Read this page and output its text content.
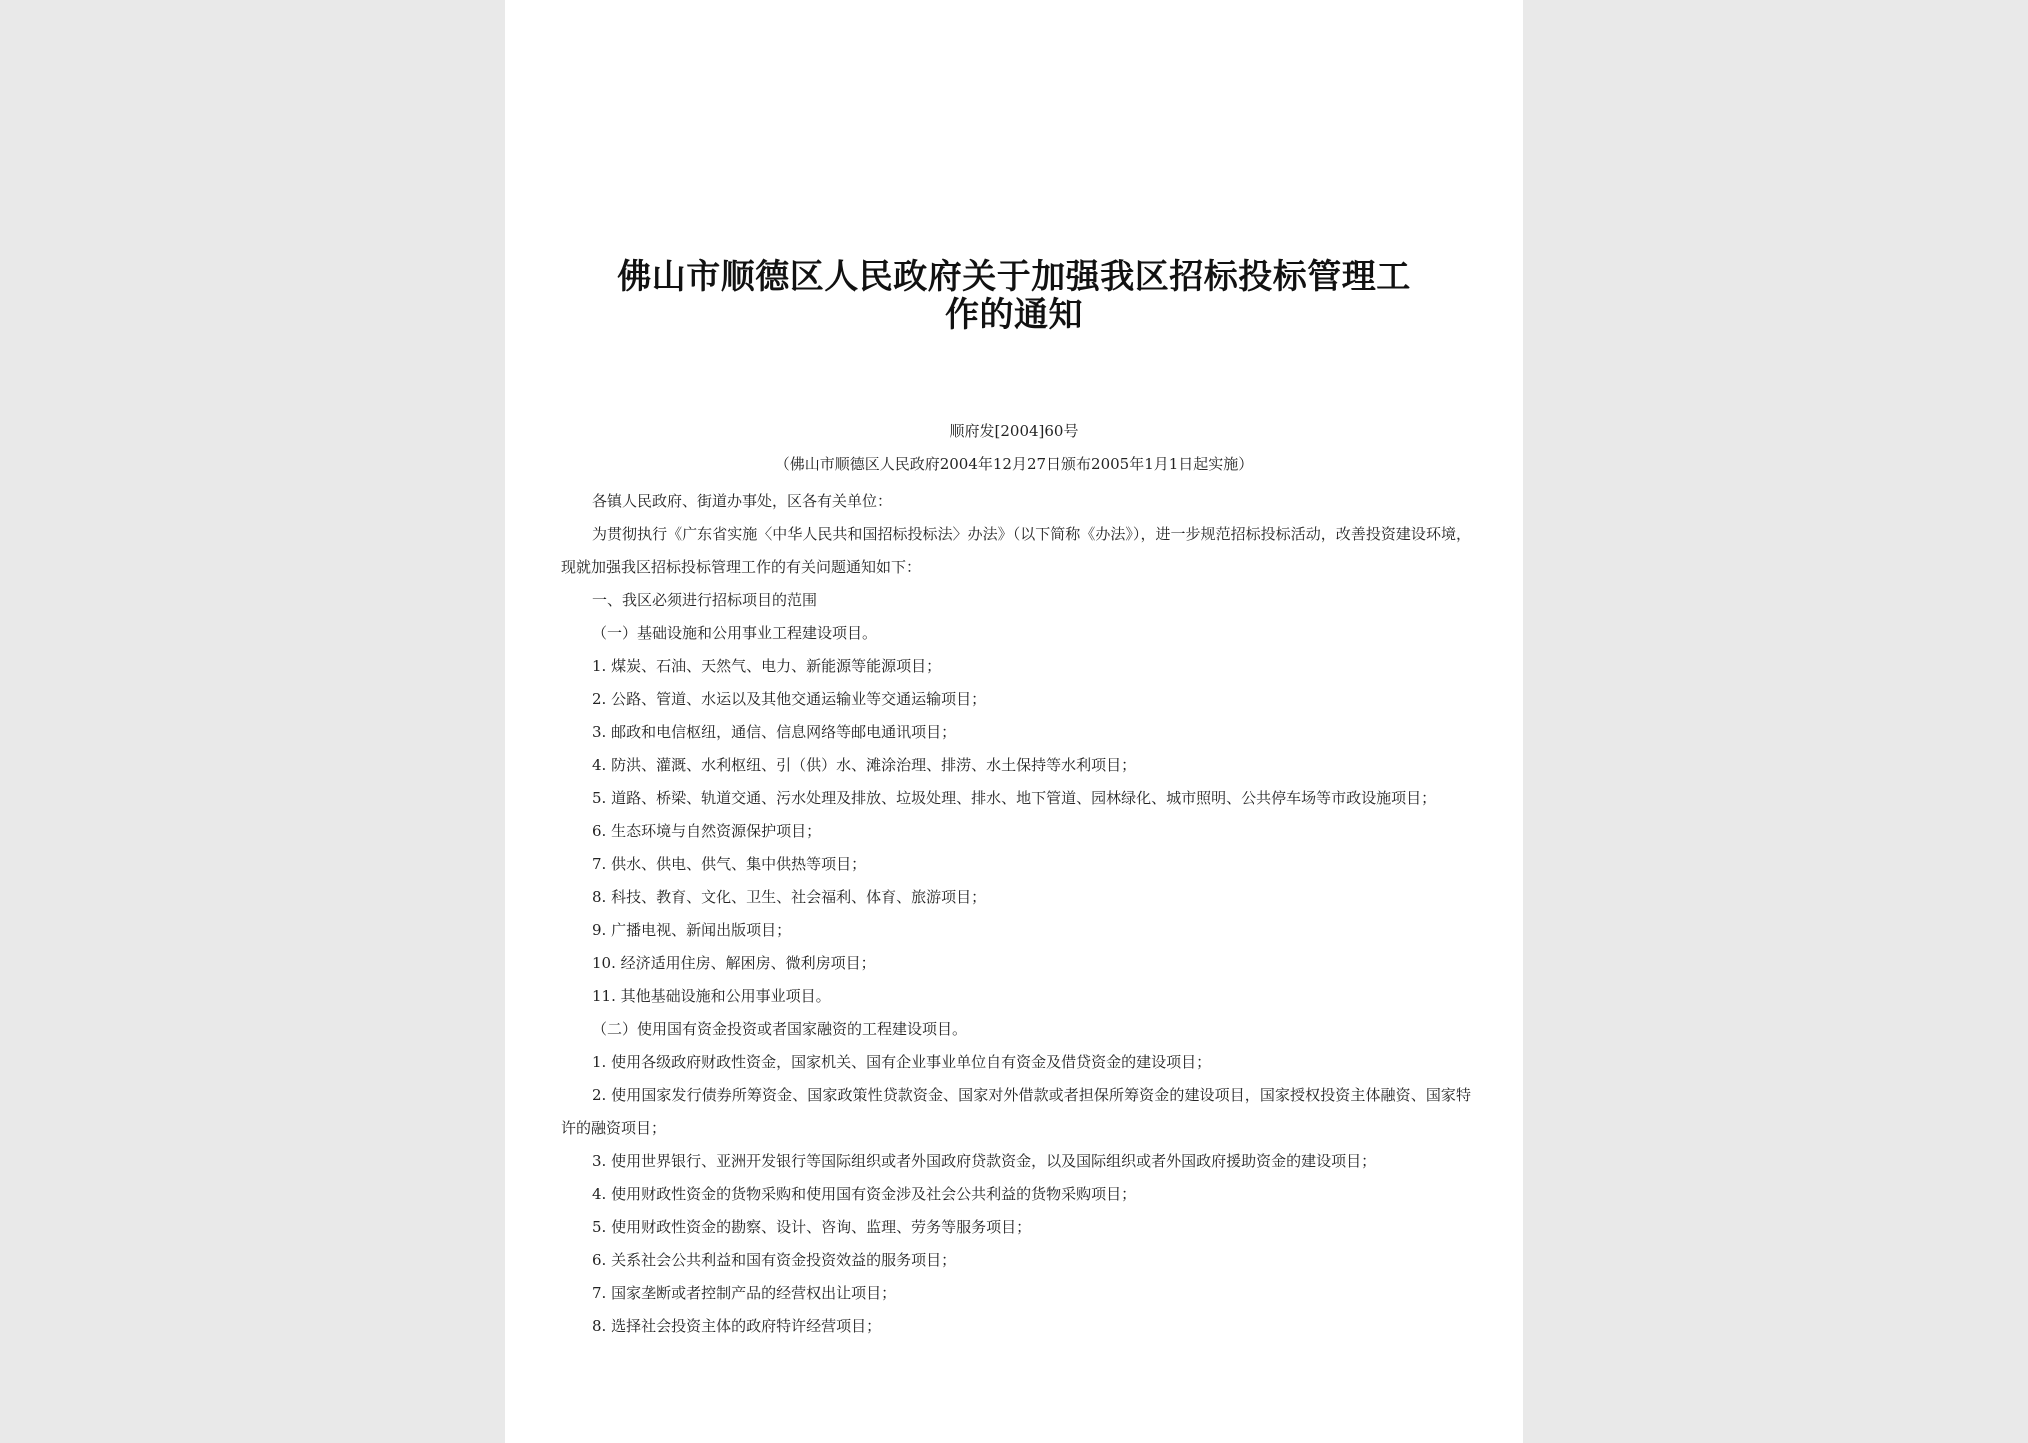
佛山市顺德区人民政府关于加强我区招标投标管理工
作的通知
顺府发[2004]60号
（佛山市顺德区人民政府2004年12月27日颁布2005年1月1日起实施）

各镇人民政府、街道办事处，区各有关单位：

为贯彻执行《广东省实施〈中华人民共和国招标投标法〉办法》（以下简称《办法》），进一步规范招标投标活动，改善投资建设环境，现就加强我区招标投标管理工作的有关问题通知如下：

一、我区必须进行招标项目的范围

（一）基础设施和公用事业工程建设项目。

1. 煤炭、石油、天然气、电力、新能源等能源项目；

2. 公路、管道、水运以及其他交通运输业等交通运输项目；

3. 邮政和电信枢纽，通信、信息网络等邮电通讯项目；

4. 防洪、灌溉、水利枢纽、引（供）水、滩涂治理、排涝、水土保持等水利项目；

5. 道路、桥梁、轨道交通、污水处理及排放、垃圾处理、排水、地下管道、园林绿化、城市照明、公共停车场等市政设施项目；

6. 生态环境与自然资源保护项目；

7. 供水、供电、供气、集中供热等项目；

8. 科技、教育、文化、卫生、社会福利、体育、旅游项目；

9. 广播电视、新闻出版项目；

10. 经济适用住房、解困房、微利房项目；

11. 其他基础设施和公用事业项目。

（二）使用国有资金投资或者国家融资的工程建设项目。

1. 使用各级政府财政性资金，国家机关、国有企业事业单位自有资金及借贷资金的建设项目；

2. 使用国家发行债券所筹资金、国家政策性贷款资金、国家对外借款或者担保所筹资金的建设项目，国家授权投资主体融资、国家特许的融资项目；

3. 使用世界银行、亚洲开发银行等国际组织或者外国政府贷款资金，以及国际组织或者外国政府援助资金的建设项目；

4. 使用财政性资金的货物采购和使用国有资金涉及社会公共利益的货物采购项目；

5. 使用财政性资金的勘察、设计、咨询、监理、劳务等服务项目；

6. 关系社会公共利益和国有资金投资效益的服务项目；

7. 国家垄断或者控制产品的经营权出让项目；

8. 选择社会投资主体的政府特许经营项目；
